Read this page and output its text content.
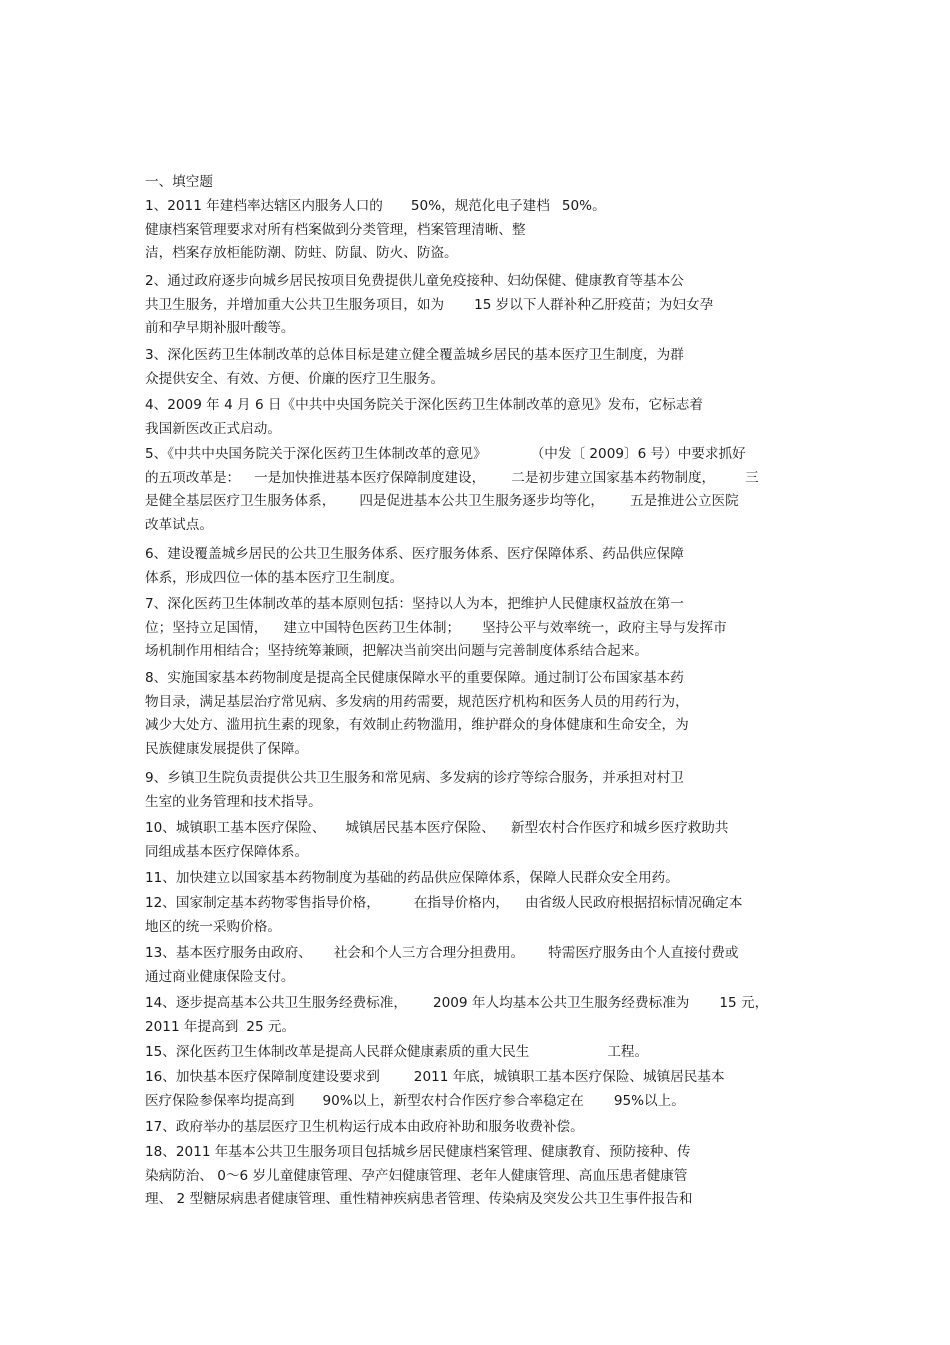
一、填空题
1、2011 年建档率达辖区内服务人口的 50%，规范化电子建档 50%。
健康档案管理要求对所有档案做到分类管理，档案管理清晰、整
洁，档案存放柜能防潮、防蛀、防鼠、防火、防盗。
2、通过政府逐步向城乡居民按项目免费提供儿童免疫接种、妇幼保健、健康教育等基本公
共卫生服务，并增加重大公共卫生服务项目，如为 15 岁以下人群补种乙肝疫苗；为妇女孕
前和孕早期补服叶酸等。
3、深化医药卫生体制改革的总体目标是建立健全覆盖城乡居民的基本医疗卫生制度，为群
众提供安全、有效、方便、价廉的医疗卫生服务。
4、2009 年 4 月 6 日《中共中央国务院关于深化医药卫生体制改革的意见》发布，它标志着
我国新医改正式启动。
5、《中共中央国务院关于深化医药卫生体制改革的意见》	（中发〔 2009〕6 号）中要求抓好
的五项改革是： 一是加快推进基本医疗保障制度建设， 二是初步建立国家基本药物制度， 三
是健全基层医疗卫生服务体系， 四是促进基本公共卫生服务逐步均等化， 五是推进公立医院
改革试点。
6、建设覆盖城乡居民的公共卫生服务体系、医疗服务体系、医疗保障体系、药品供应保障
体系，形成四位一体的基本医疗卫生制度。
7、深化医药卫生体制改革的基本原则包括：坚持以人为本，把维护人民健康权益放在第一
位；坚持立足国情， 建立中国特色医药卫生体制； 坚持公平与效率统一，政府主导与发挥市
场机制作用相结合；坚持统筹兼顾，把解决当前突出问题与完善制度体系结合起来。
8、实施国家基本药物制度是提高全民健康保障水平的重要保障。通过制订公布国家基本药
物目录，满足基层治疗常见病、多发病的用药需要，规范医疗机构和医务人员的用药行为，
减少大处方、滥用抗生素的现象，有效制止药物滥用，维护群众的身体健康和生命安全，为
民族健康发展提供了保障。
9、乡镇卫生院负责提供公共卫生服务和常见病、多发病的诊疗等综合服务，并承担对村卫
生室的业务管理和技术指导。
10、城镇职工基本医疗保险、 城镇居民基本医疗保险、 新型农村合作医疗和城乡医疗救助共
同组成基本医疗保障体系。
11、加快建立以国家基本药物制度为基础的药品供应保障体系，保障人民群众安全用药。
12、国家制定基本药物零售指导价格，	在指导价格内， 由省级人民政府根据招标情况确定本
地区的统一采购价格。
13、基本医疗服务由政府、 社会和个人三方合理分担费用。 特需医疗服务由个人直接付费或
通过商业健康保险支付。
14、逐步提高基本公共卫生服务经费标准， 2009 年人均基本公共卫生服务经费标准为 15 元，
2011 年提高到 25 元。
15、深化医药卫生体制改革是提高人民群众健康素质的重大民生	工程。
16、加快基本医疗保障制度建设要求到	2011 年底，城镇职工基本医疗保险、城镇居民基本
医疗保险参保率均提高到 90%以上，新型农村合作医疗参合率稳定在 95%以上。
17、政府举办的基层医疗卫生机构运行成本由政府补助和服务收费补偿。
18、2011 年基本公共卫生服务项目包括城乡居民健康档案管理、健康教育、预防接种、传
染病防治、 0～6 岁儿童健康管理、孕产妇健康管理、老年人健康管理、高血压患者健康管
理、 2 型糖尿病患者健康管理、重性精神疾病患者管理、传染病及突发公共卫生事件报告和
